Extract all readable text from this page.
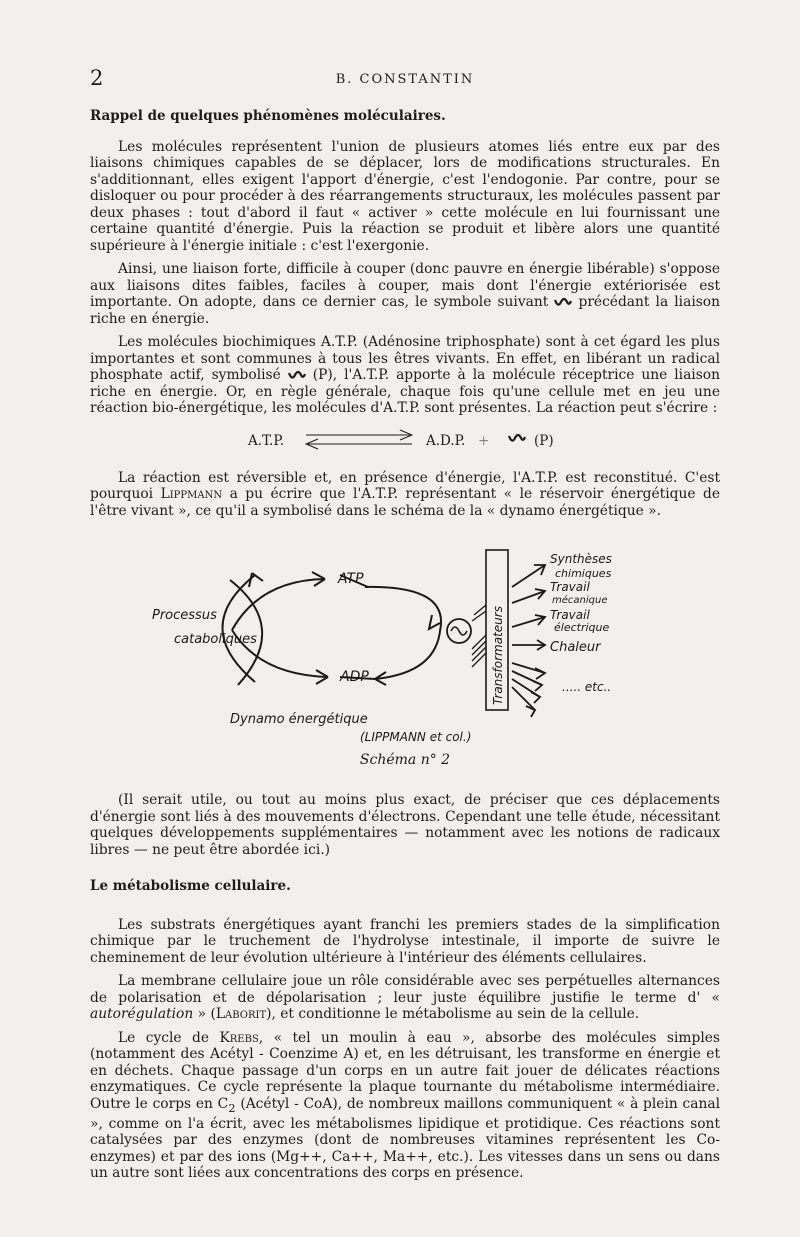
2	B. CONSTANTIN
Rappel de quelques phénomènes moléculaires.

Les molécules représentent l'union de plusieurs atomes liés entre eux par des liaisons chimiques capables de se déplacer, lors de modifications structurales. En s'additionnant, elles exigent l'apport d'énergie, c'est l'endogonie. Par contre, pour se disloquer ou pour procéder à des réarrangements structuraux, les molécules passent par deux phases : tout d'abord il faut « activer » cette molécule en lui fournissant une certaine quantité d'énergie. Puis la réaction se produit et libère alors une quantité supérieure à l'énergie initiale : c'est l'exergonie.

Ainsi, une liaison forte, difficile à couper (donc pauvre en énergie libérable) s'oppose aux liaisons dites faibles, faciles à couper, mais dont l'énergie extériorisée est importante. On adopte, dans ce dernier cas, le symbole suivant précédant la liaison riche en énergie.

Les molécules biochimiques A.T.P. (Adénosine triphosphate) sont à cet égard les plus importantes et sont communes à tous les êtres vivants. En effet, en libérant un radical phosphate actif, symbolisé (P), l'A.T.P. apporte à la molécule réceptrice une liaison riche en énergie. Or, en règle générale, chaque fois qu'une cellule met en jeu une réaction bio-énergétique, les molécules d'A.T.P. sont présentes. La réaction peut s'écrire :

A.T.P.	A.D.P. +	(P)

La réaction est réversible et, en présence d'énergie, l'A.T.P. est reconstitué. C'est pourquoi Lippmann a pu écrire que l'A.T.P. représentant « le réservoir énergétique de l'être vivant », ce qu'il a symbolisé dans le schéma de la « dynamo énergétique ».

ATP
ADP
Processus
cataboliques	Transformateurs
Synthèses
chimiques
Travail
mécanique
Travail
électrique
Chaleur
..... etc..
Dynamo énergétique
(LIPPMANN et col.)
Schéma n° 2

(Il serait utile, ou tout au moins plus exact, de préciser que ces déplacements d'énergie sont liés à des mouvements d'électrons. Cependant une telle étude, nécessitant quelques développements supplémentaires — notamment avec les notions de radicaux libres — ne peut être abordée ici.)

Le métabolisme cellulaire.

Les substrats énergétiques ayant franchi les premiers stades de la simplification chimique par le truchement de l'hydrolyse intestinale, il importe de suivre le cheminement de leur évolution ultérieure à l'intérieur des éléments cellulaires.

La membrane cellulaire joue un rôle considérable avec ses perpétuelles alternances de polarisation et de dépolarisation ; leur juste équilibre justifie le terme d' « autorégulation » (Laborit), et conditionne le métabolisme au sein de la cellule.

Le cycle de Krebs, « tel un moulin à eau », absorbe des molécules simples (notamment des Acétyl - Coenzime A) et, en les détruisant, les transforme en énergie et en déchets. Chaque passage d'un corps en un autre fait jouer de délicates réactions enzymatiques. Ce cycle représente la plaque tournante du métabolisme intermédiaire. Outre le corps en $C_2$ (Acétyl - CoA), de nombreux maillons communiquent « à plein canal », comme on l'a écrit, avec les métabolismes lipidique et protidique. Ces réactions sont catalysées par des enzymes (dont de nombreuses vitamines représentent les Co-enzymes) et par des ions (Mg++, Ca++, Ma++, etc.). Les vitesses dans un sens ou dans un autre sont liées aux concentrations des corps en présence.
